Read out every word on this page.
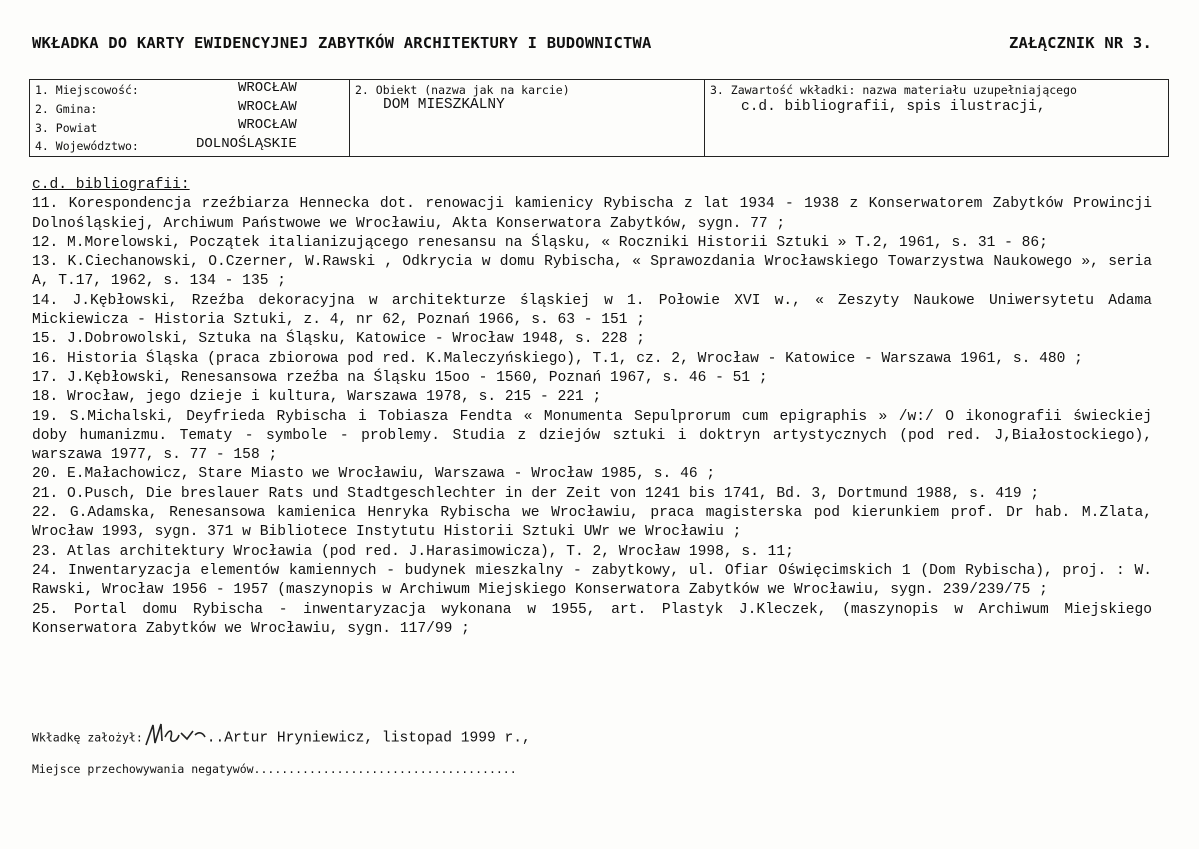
WKŁADKA DO KARTY EWIDENCYJNEJ ZABYTKÓW ARCHITEKTURY I BUDOWNICTWA	ZAŁĄCZNIK NR 3.
1. Miejscowość:	WROCŁAW
2. Gmina:	WROCŁAW
3. Powiat	WROCŁAW
4. Województwo:	DOLNOŚLĄSKIE
2. Obiekt (nazwa jak na karcie)
DOM MIESZKALNY
3. Zawartość wkładki: nazwa materiału uzupełniającego
c.d. bibliografii, spis ilustracji,
c.d. bibliografii:
11. Korespondencja rzeźbiarza Hennecka dot. renowacji kamienicy Rybischa z lat 1934 - 1938 z Konserwatorem Zabytków Prowincji Dolnośląskiej, Archiwum Państwowe we Wrocławiu, Akta Konserwatora Zabytków, sygn. 77 ;
12. M.Morelowski, Początek italianizującego renesansu na Śląsku, « Roczniki Historii Sztuki » T.2, 1961, s. 31 - 86;
13. K.Ciechanowski, O.Czerner, W.Rawski , Odkrycia w domu Rybischa, « Sprawozdania Wrocławskiego Towarzystwa Naukowego », seria A, T.17, 1962, s. 134 - 135 ;
14. J.Kębłowski, Rzeźba dekoracyjna w architekturze śląskiej w 1. Połowie XVI w., « Zeszyty Naukowe Uniwersytetu Adama Mickiewicza - Historia Sztuki, z. 4, nr 62, Poznań 1966, s. 63 - 151 ;
15. J.Dobrowolski, Sztuka na Śląsku, Katowice - Wrocław 1948, s. 228 ;
16. Historia Śląska (praca zbiorowa pod red. K.Maleczyńskiego), T.1, cz. 2, Wrocław - Katowice - Warszawa 1961, s. 480 ;
17. J.Kębłowski, Renesansowa rzeźba na Śląsku 15oo - 1560, Poznań 1967, s. 46 - 51 ;
18. Wrocław, jego dzieje i kultura, Warszawa 1978, s. 215 - 221 ;
19. S.Michalski, Deyfrieda Rybischa i Tobiasza Fendta « Monumenta Sepulprorum cum epigraphis » /w:/ O ikonografii świeckiej doby humanizmu. Tematy - symbole - problemy. Studia z dziejów sztuki i doktryn artystycznych (pod red. J,Białostockiego), warszawa 1977, s. 77 - 158 ;
20. E.Małachowicz, Stare Miasto we Wrocławiu, Warszawa - Wrocław 1985, s. 46 ;
21. O.Pusch, Die breslauer Rats und Stadtgeschlechter in der Zeit von 1241 bis 1741, Bd. 3, Dortmund 1988, s. 419 ;
22. G.Adamska, Renesansowa kamienica Henryka Rybischa we Wrocławiu, praca magisterska pod kierunkiem prof. Dr hab. M.Zlata, Wrocław 1993, sygn. 371 w Bibliotece Instytutu Historii Sztuki UWr we Wrocławiu ;
23. Atlas architektury Wrocławia (pod red. J.Harasimowicza), T. 2, Wrocław 1998, s. 11;
24. Inwentaryzacja elementów kamiennych - budynek mieszkalny - zabytkowy, ul. Ofiar Oświęcimskich 1 (Dom Rybischa), proj. : W. Rawski, Wrocław 1956 - 1957 (maszynopis w Archiwum Miejskiego Konserwatora Zabytków we Wrocławiu, sygn. 239/239/75 ;
25. Portal domu Rybischa - inwentaryzacja wykonana w 1955, art. Plastyk J.Kleczek, (maszynopis w Archiwum Miejskiego Konserwatora Zabytków we Wrocławiu, sygn. 117/99 ;
Wkładkę założył:	..Artur Hryniewicz, listopad 1999 r.,
Miejsce przechowywania negatywów......................................
